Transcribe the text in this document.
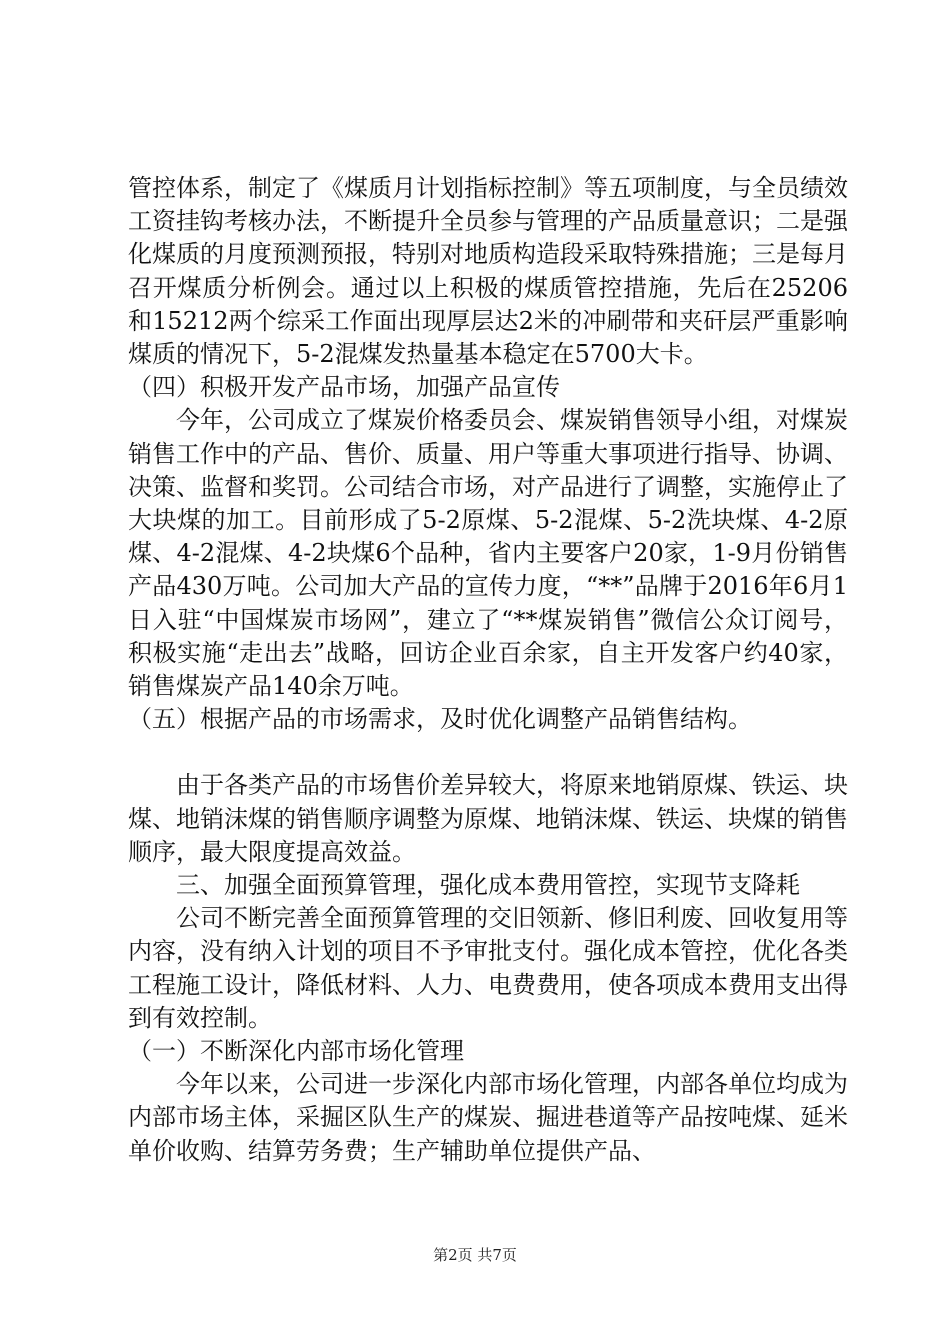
管控体系，制定了《煤质月计划指标控制》等五项制度，与全员绩效工资挂钩考核办法，不断提升全员参与管理的产品质量意识；二是强化煤质的月度预测预报，特别对地质构造段采取特殊措施；三是每月召开煤质分析例会。通过以上积极的煤质管控措施，先后在25206和15212两个综采工作面出现厚层达2米的冲刷带和夹矸层严重影响煤质的情况下，5-2混煤发热量基本稳定在5700大卡。

（四）积极开发产品市场，加强产品宣传

今年，公司成立了煤炭价格委员会、煤炭销售领导小组，对煤炭销售工作中的产品、售价、质量、用户等重大事项进行指导、协调、决策、监督和奖罚。公司结合市场，对产品进行了调整，实施停止了大块煤的加工。目前形成了5-2原煤、5-2混煤、5-2洗块煤、4-2原煤、4-2混煤、4-2块煤6个品种，省内主要客户20家，1-9月份销售产品430万吨。公司加大产品的宣传力度，“**”品牌于2016年6月1日入驻“中国煤炭市场网”，建立了“**煤炭销售”微信公众订阅号，积极实施“走出去”战略，回访企业百余家，自主开发客户约40家，销售煤炭产品140余万吨。

（五）根据产品的市场需求，及时优化调整产品销售结构。

由于各类产品的市场售价差异较大，将原来地销原煤、铁运、块煤、地销沫煤的销售顺序调整为原煤、地销沫煤、铁运、块煤的销售顺序，最大限度提高效益。

三、加强全面预算管理，强化成本费用管控，实现节支降耗

公司不断完善全面预算管理的交旧领新、修旧利废、回收复用等内容，没有纳入计划的项目不予审批支付。强化成本管控，优化各类工程施工设计，降低材料、人力、电费费用，使各项成本费用支出得到有效控制。

（一）不断深化内部市场化管理

今年以来，公司进一步深化内部市场化管理，内部各单位均成为内部市场主体，采掘区队生产的煤炭、掘进巷道等产品按吨煤、延米单价收购、结算劳务费；生产辅助单位提供产品、

第2页 共7页
